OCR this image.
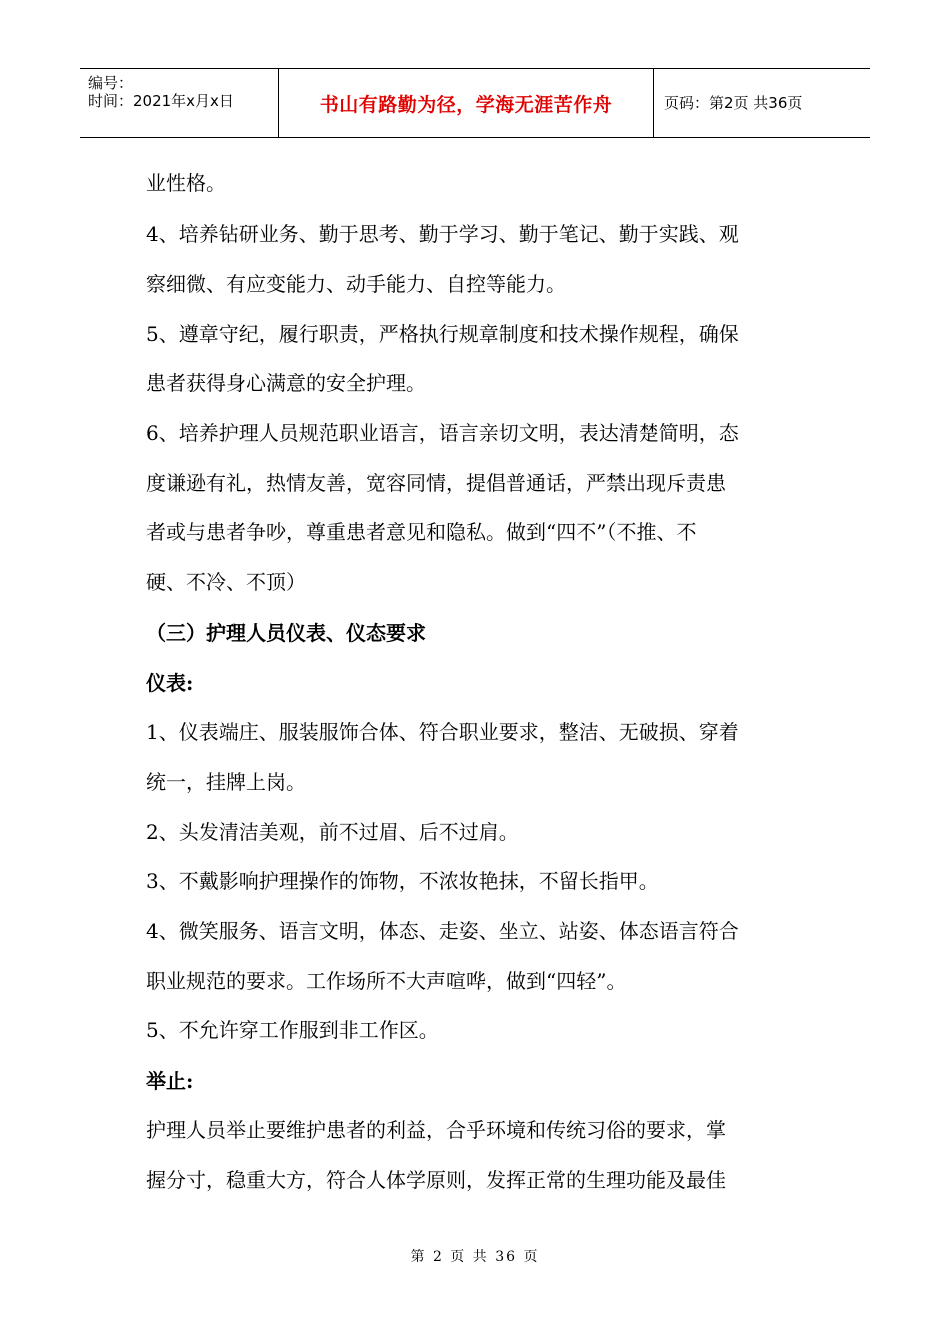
编号：
时间：2021年x月x日	书山有路勤为径，学海无涯苦作舟	页码：第2页 共36页
业性格。
4、培养钻研业务、勤于思考、勤于学习、勤于笔记、勤于实践、观
察细微、有应变能力、动手能力、自控等能力。
5、遵章守纪，履行职责，严格执行规章制度和技术操作规程，确保
患者获得身心满意的安全护理。
6、培养护理人员规范职业语言，语言亲切文明，表达清楚简明，态
度谦逊有礼，热情友善，宽容同情，提倡普通话，严禁出现斥责患
者或与患者争吵，尊重患者意见和隐私。做到“四不”（不推、不
硬、不冷、不顶）
（三）护理人员仪表、仪态要求
仪表:
1、仪表端庄、服装服饰合体、符合职业要求，整洁、无破损、穿着
统一，挂牌上岗。
2、头发清洁美观，前不过眉、后不过肩。
3、不戴影响护理操作的饰物，不浓妆艳抹，不留长指甲。
4、微笑服务、语言文明，体态、走姿、坐立、站姿、体态语言符合
职业规范的要求。工作场所不大声喧哗，做到“四轻”。
5、不允许穿工作服到非工作区。
举止:
护理人员举止要维护患者的利益，合乎环境和传统习俗的要求，掌
握分寸，稳重大方，符合人体学原则，发挥正常的生理功能及最佳
第 2 页 共 36 页
